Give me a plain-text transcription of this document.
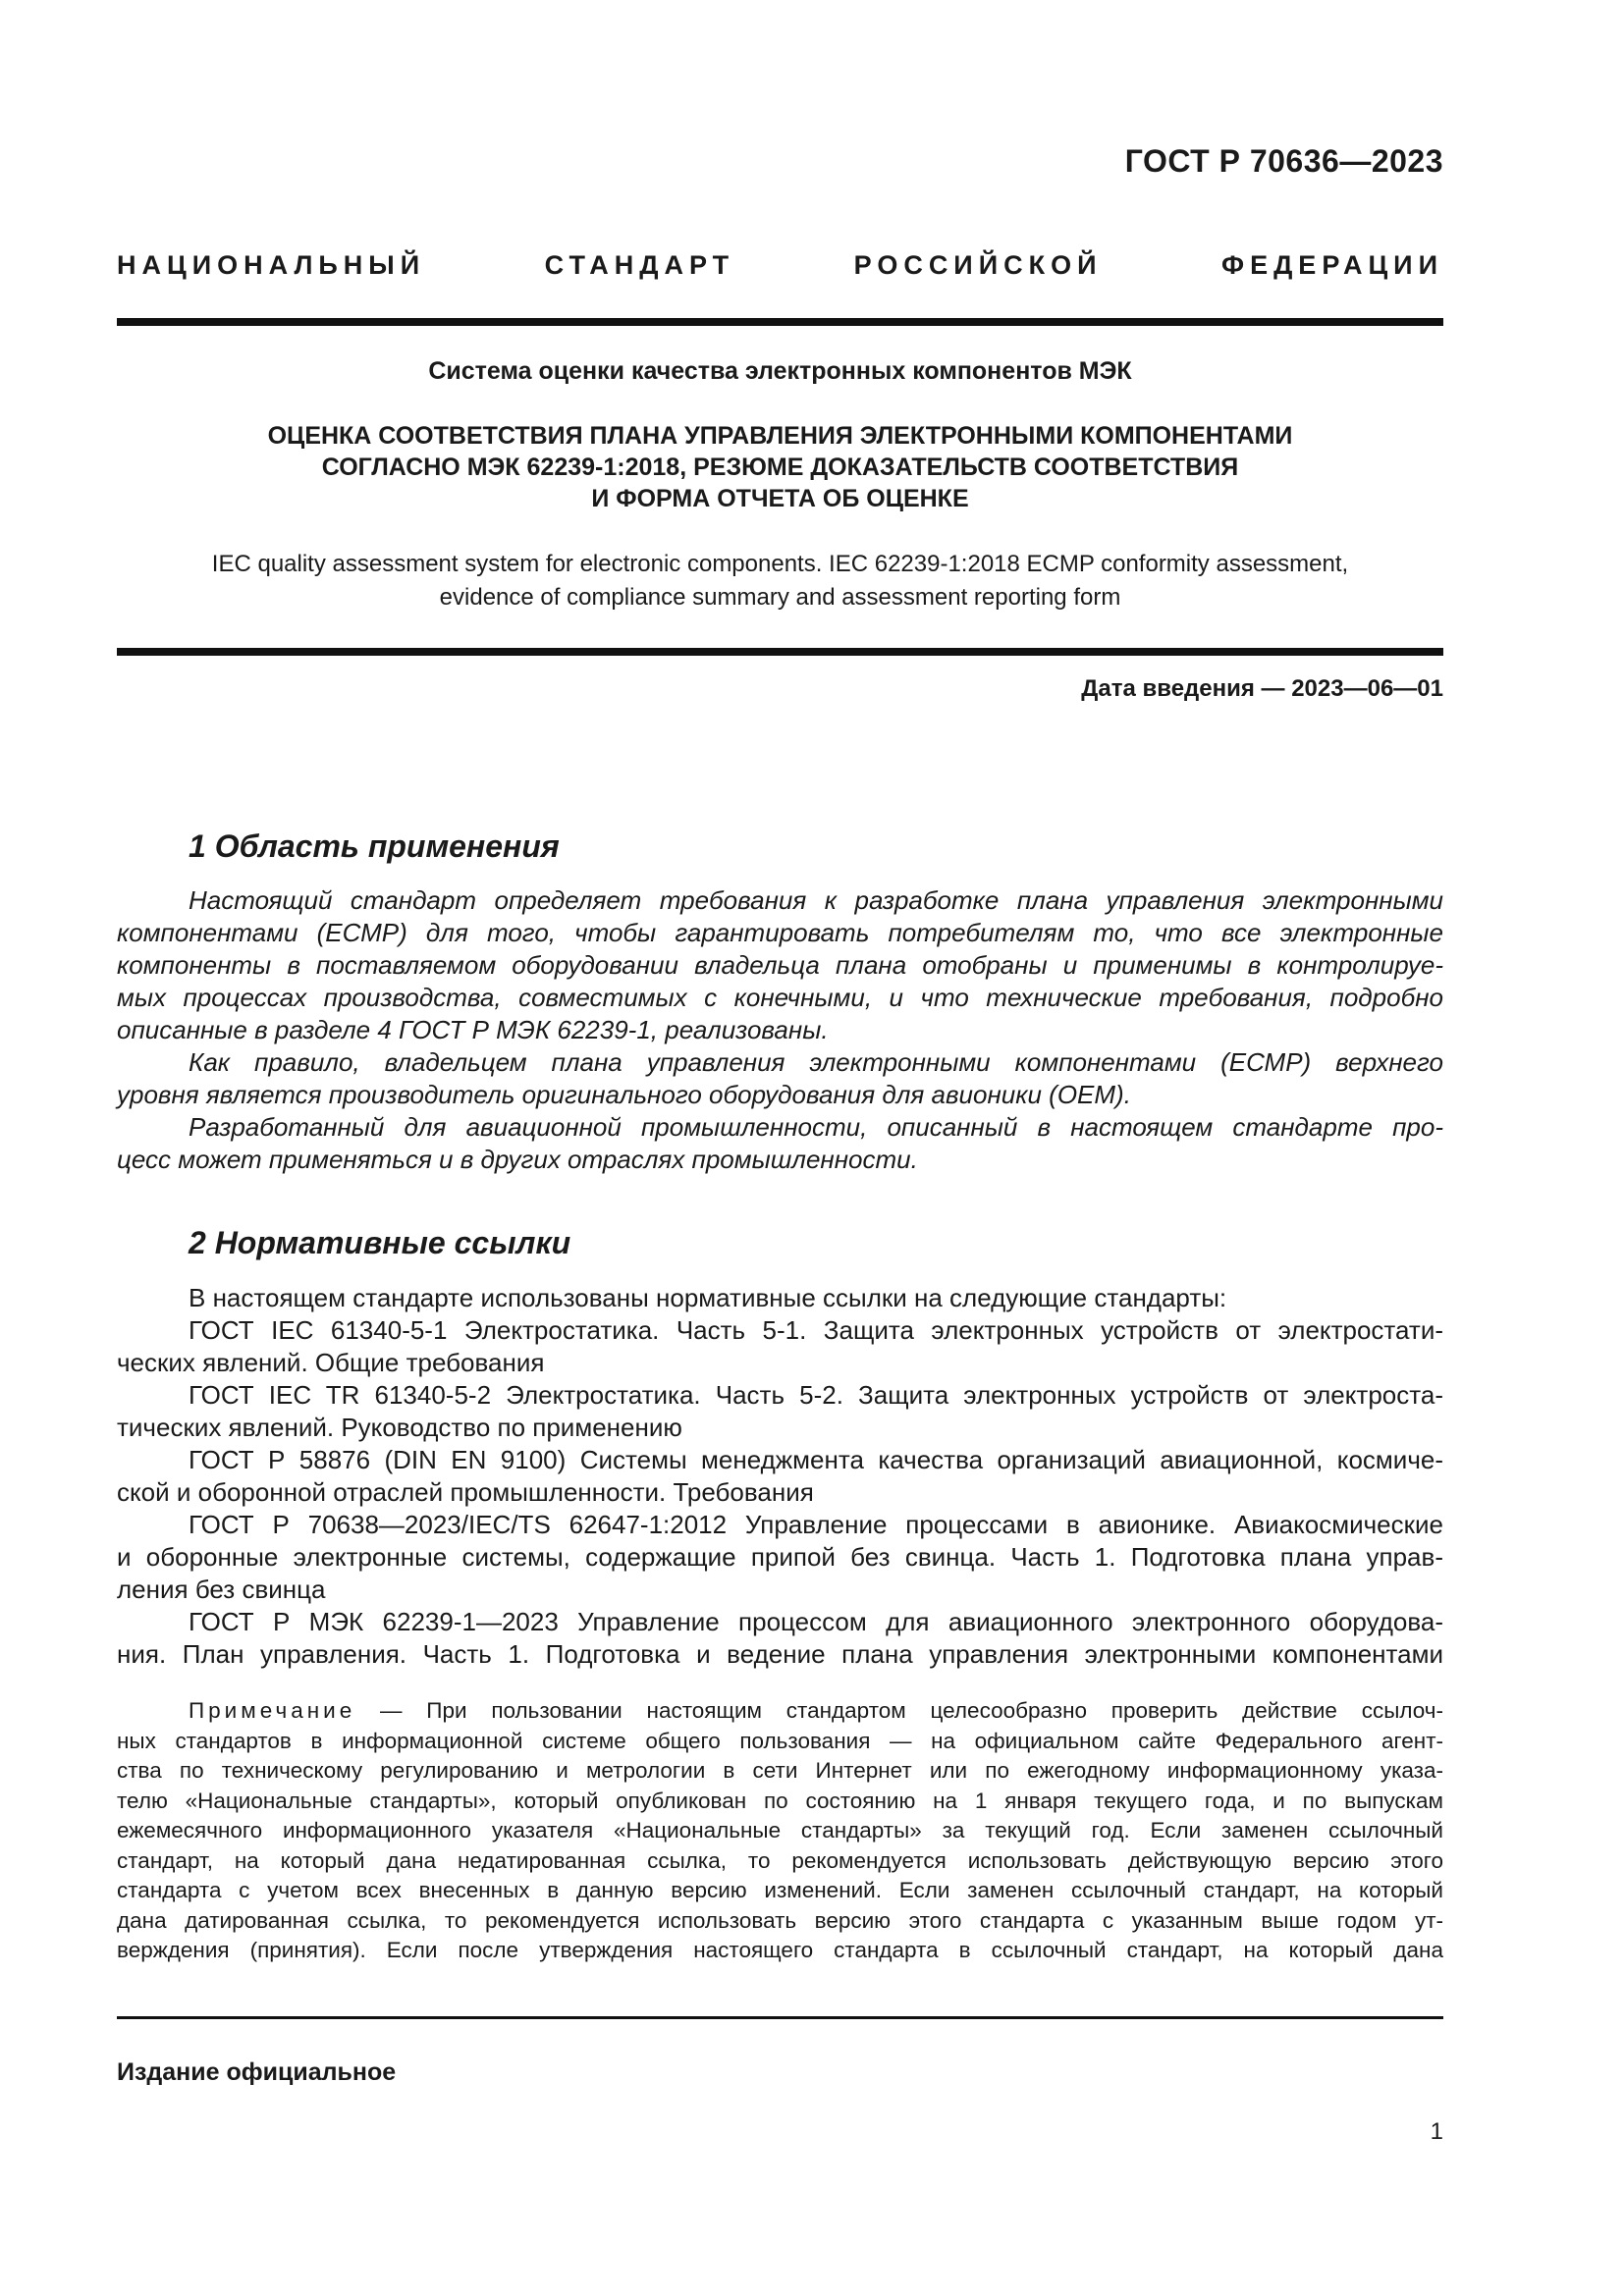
ГОСТ Р 70636—2023
НАЦИОНАЛЬНЫЙ СТАНДАРТ РОССИЙСКОЙ ФЕДЕРАЦИИ
Система оценки качества электронных компонентов МЭК
ОЦЕНКА СООТВЕТСТВИЯ ПЛАНА УПРАВЛЕНИЯ ЭЛЕКТРОННЫМИ КОМПОНЕНТАМИ
СОГЛАСНО МЭК 62239-1:2018, РЕЗЮМЕ ДОКАЗАТЕЛЬСТВ СООТВЕТСТВИЯ
И ФОРМА ОТЧЕТА ОБ ОЦЕНКЕ
IEC quality assessment system for electronic components. IEC 62239-1:2018 ECMP conformity assessment,
evidence of compliance summary and assessment reporting form
Дата введения — 2023—06—01
1 Область применения

Настоящий стандарт определяет требования к разработке плана управления электронными
компонентами (ЕСМР) для того, чтобы гарантировать потребителям то, что все электронные
компоненты в поставляемом оборудовании владельца плана отобраны и применимы в контролируе-
мых процессах производства, совместимых с конечными, и что технические требования, подробно
описанные в разделе 4 ГОСТ Р МЭК 62239-1, реализованы.

Как правило, владельцем плана управления электронными компонентами (ЕСМР) верхнего
уровня является производитель оригинального оборудования для авионики (ОЕМ).

Разработанный для авиационной промышленности, описанный в настоящем стандарте про-
цесс может применяться и в других отраслях промышленности.

2 Нормативные ссылки

В настоящем стандарте использованы нормативные ссылки на следующие стандарты:

ГОСТ IEC 61340-5-1 Электростатика. Часть 5-1. Защита электронных устройств от электростати-
ческих явлений. Общие требования

ГОСТ IEC TR 61340-5-2 Электростатика. Часть 5-2. Защита электронных устройств от электроста-
тических явлений. Руководство по применению

ГОСТ Р 58876 (DIN EN 9100) Системы менеджмента качества организаций авиационной, космиче-
ской и оборонной отраслей промышленности. Требования

ГОСТ Р 70638—2023/IEC/TS 62647-1:2012 Управление процессами в авионике. Авиакосмические
и оборонные электронные системы, содержащие припой без свинца. Часть 1. Подготовка плана управ-
ления без свинца

ГОСТ Р МЭК 62239-1—2023 Управление процессом для авиационного электронного оборудова-
ния. План управления. Часть 1. Подготовка и ведение плана управления электронными компонентами

Примечание — При пользовании настоящим стандартом целесообразно проверить действие ссылоч-
ных стандартов в информационной системе общего пользования — на официальном сайте Федерального агент-
ства по техническому регулированию и метрологии в сети Интернет или по ежегодному информационному указа-
телю «Национальные стандарты», который опубликован по состоянию на 1 января текущего года, и по выпускам
ежемесячного информационного указателя «Национальные стандарты» за текущий год. Если заменен ссылочный
стандарт, на который дана недатированная ссылка, то рекомендуется использовать действующую версию этого
стандарта с учетом всех внесенных в данную версию изменений. Если заменен ссылочный стандарт, на который
дана датированная ссылка, то рекомендуется использовать версию этого стандарта с указанным выше годом ут-
верждения (принятия). Если после утверждения настоящего стандарта в ссылочный стандарт, на который дана

Издание официальное
1
